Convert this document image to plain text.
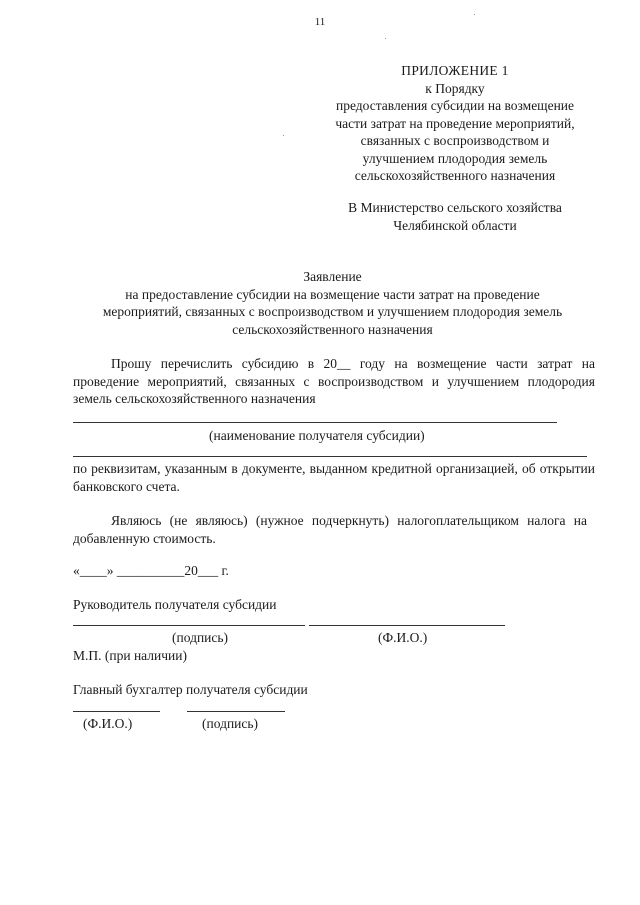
11
ПРИЛОЖЕНИЕ 1
к Порядку
предоставления субсидии на возмещение
части затрат на проведение мероприятий,
связанных с воспроизводством и
улучшением плодородия земель
сельскохозяйственного назначения
В Министерство сельского хозяйства
Челябинской области
Заявление
на предоставление субсидии на возмещение части затрат на проведение
мероприятий, связанных с воспроизводством и улучшением плодородия земель
сельскохозяйственного назначения
Прошу перечислить субсидию в 20__ году на возмещение части затрат на проведение мероприятий, связанных с воспроизводством и улучшением плодородия земель сельскохозяйственного назначения
(наименование получателя субсидии)
по реквизитам, указанным в документе, выданном кредитной организацией, об открытии банковского счета.
Являюсь (не являюсь) (нужное подчеркнуть) налогоплательщиком налога на добавленную стоимость.
«____» __________20___ г.
Руководитель получателя субсидии
(подпись)	(Ф.И.О.)
М.П. (при наличии)
Главный бухгалтер получателя субсидии
(Ф.И.О.)	(подпись)
